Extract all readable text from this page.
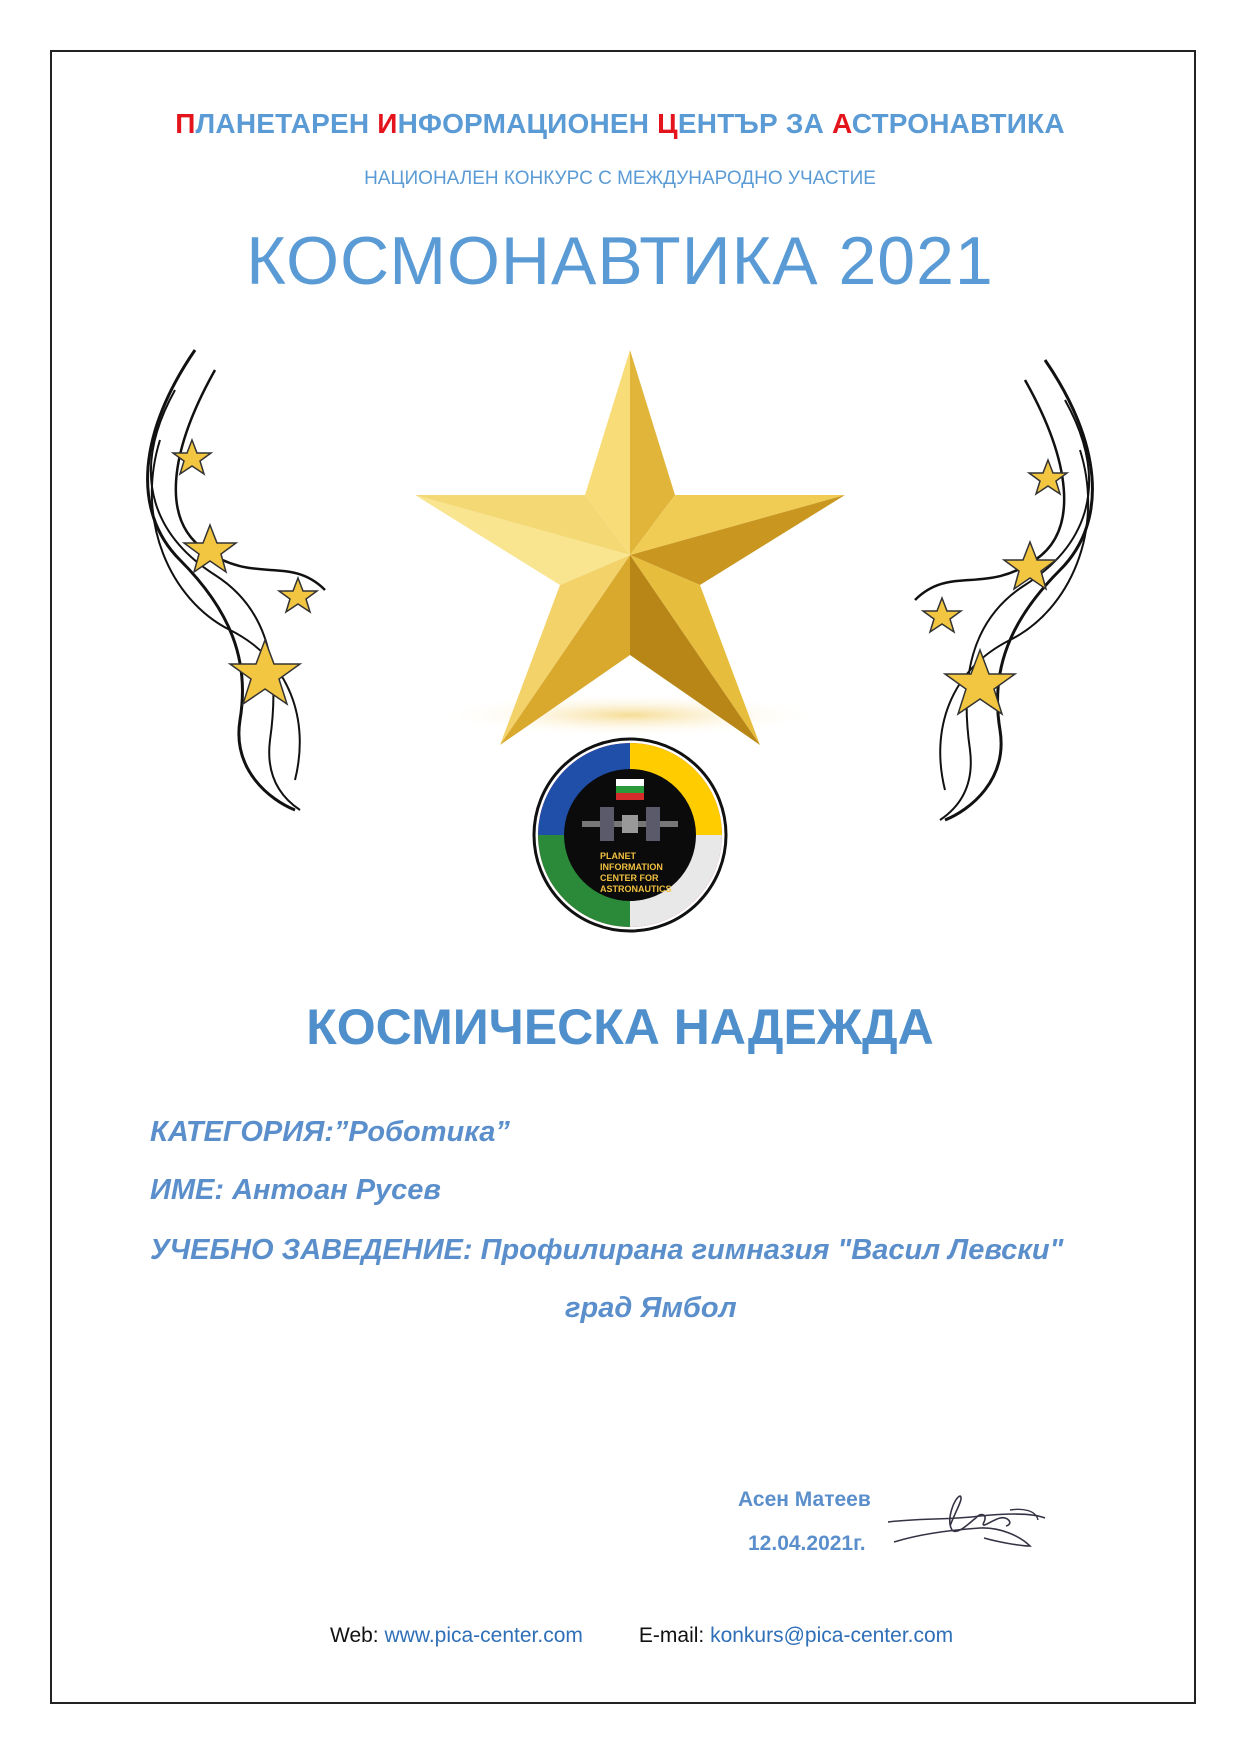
ПЛАНЕТАРЕН ИНФОРМАЦИОНЕН ЦЕНТЪР ЗА АСТРОНАВТИКА
НАЦИОНАЛЕН КОНКУРС С МЕЖДУНАРОДНО УЧАСТИЕ
КОСМОНАВТИКА 2021
PLANET
INFORMATION
CENTER FOR
ASTRONAUTICS
КОСМИЧЕСКА НАДЕЖДА
КАТЕГОРИЯ:”Роботика”
ИМЕ: Антоан Русев
УЧЕБНО ЗАВЕДЕНИЕ: Профилирана гимназия "Васил Левски"
град Ямбол
Асен Матеев
12.04.2021г.
Web: www.pica-center.com	E-mail: konkurs@pica-center.com
